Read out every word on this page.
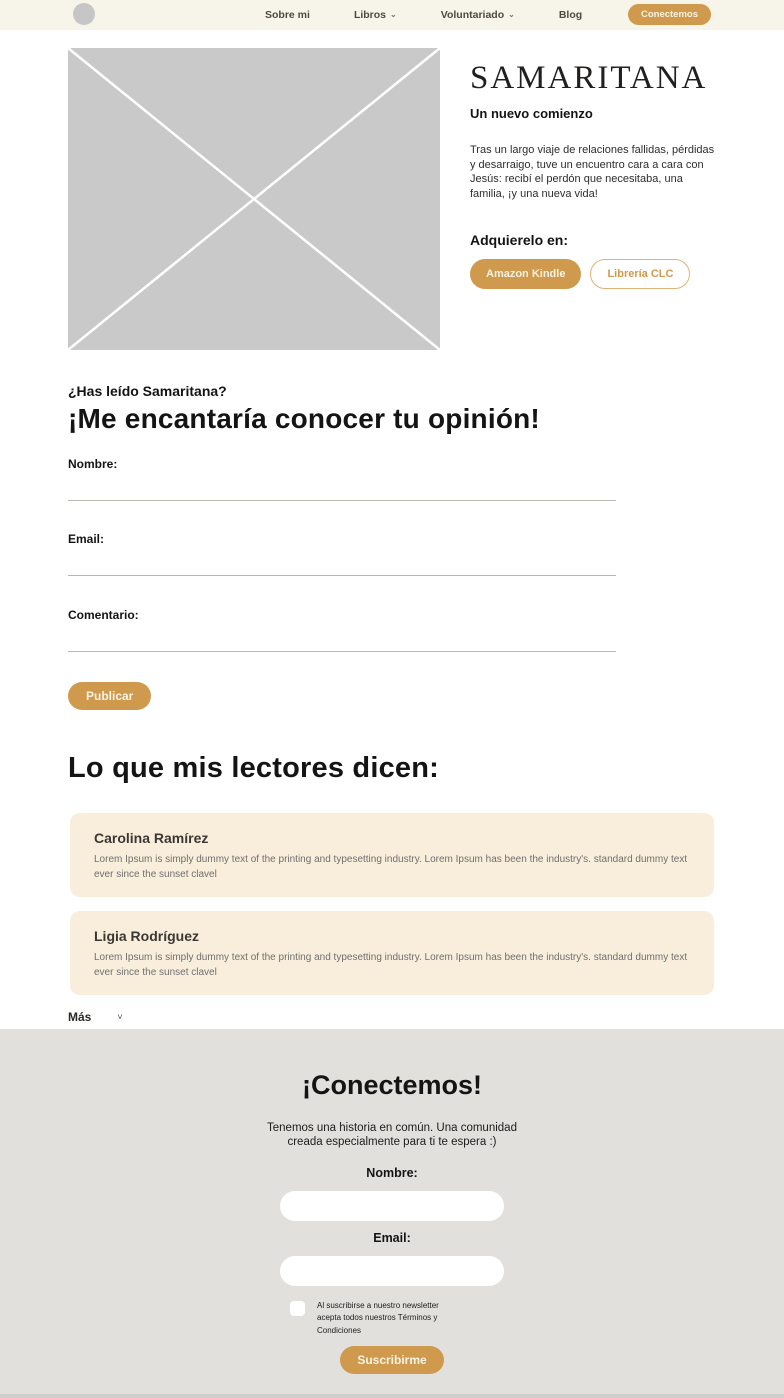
Sobre mi	Libros ⌄	Voluntariado ⌄	Blog	Conectemos
SAMARITANA
Un nuevo comienzo
Tras un largo viaje de relaciones fallidas, pérdidas y desarraigo, tuve un encuentro cara a cara con Jesús: recibí el perdón que necesitaba, una familia, ¡y una nueva vida!
Adquierelo en:
Amazon Kindle	Librería CLC
¿Has leído Samaritana?
¡Me encantaría conocer tu opinión!
Nombre:
Email:
Comentario:
Publicar
Lo que mis lectores dicen:
Carolina Ramírez
Lorem Ipsum is simply dummy text of the printing and typesetting industry. Lorem Ipsum has been the industry's. standard dummy text ever since the sunset clavel
Ligia Rodríguez
Lorem Ipsum is simply dummy text of the printing and typesetting industry. Lorem Ipsum has been the industry's. standard dummy text ever since the sunset clavel
Más	˅
¡Conectemos!
Tenemos una historia en común. Una comunidad creada especialmente para ti te espera :)
Nombre:
Email:
Al suscribirse a nuestro newsletter acepta todos nuestros Términos y Condiciones
Suscribirme
